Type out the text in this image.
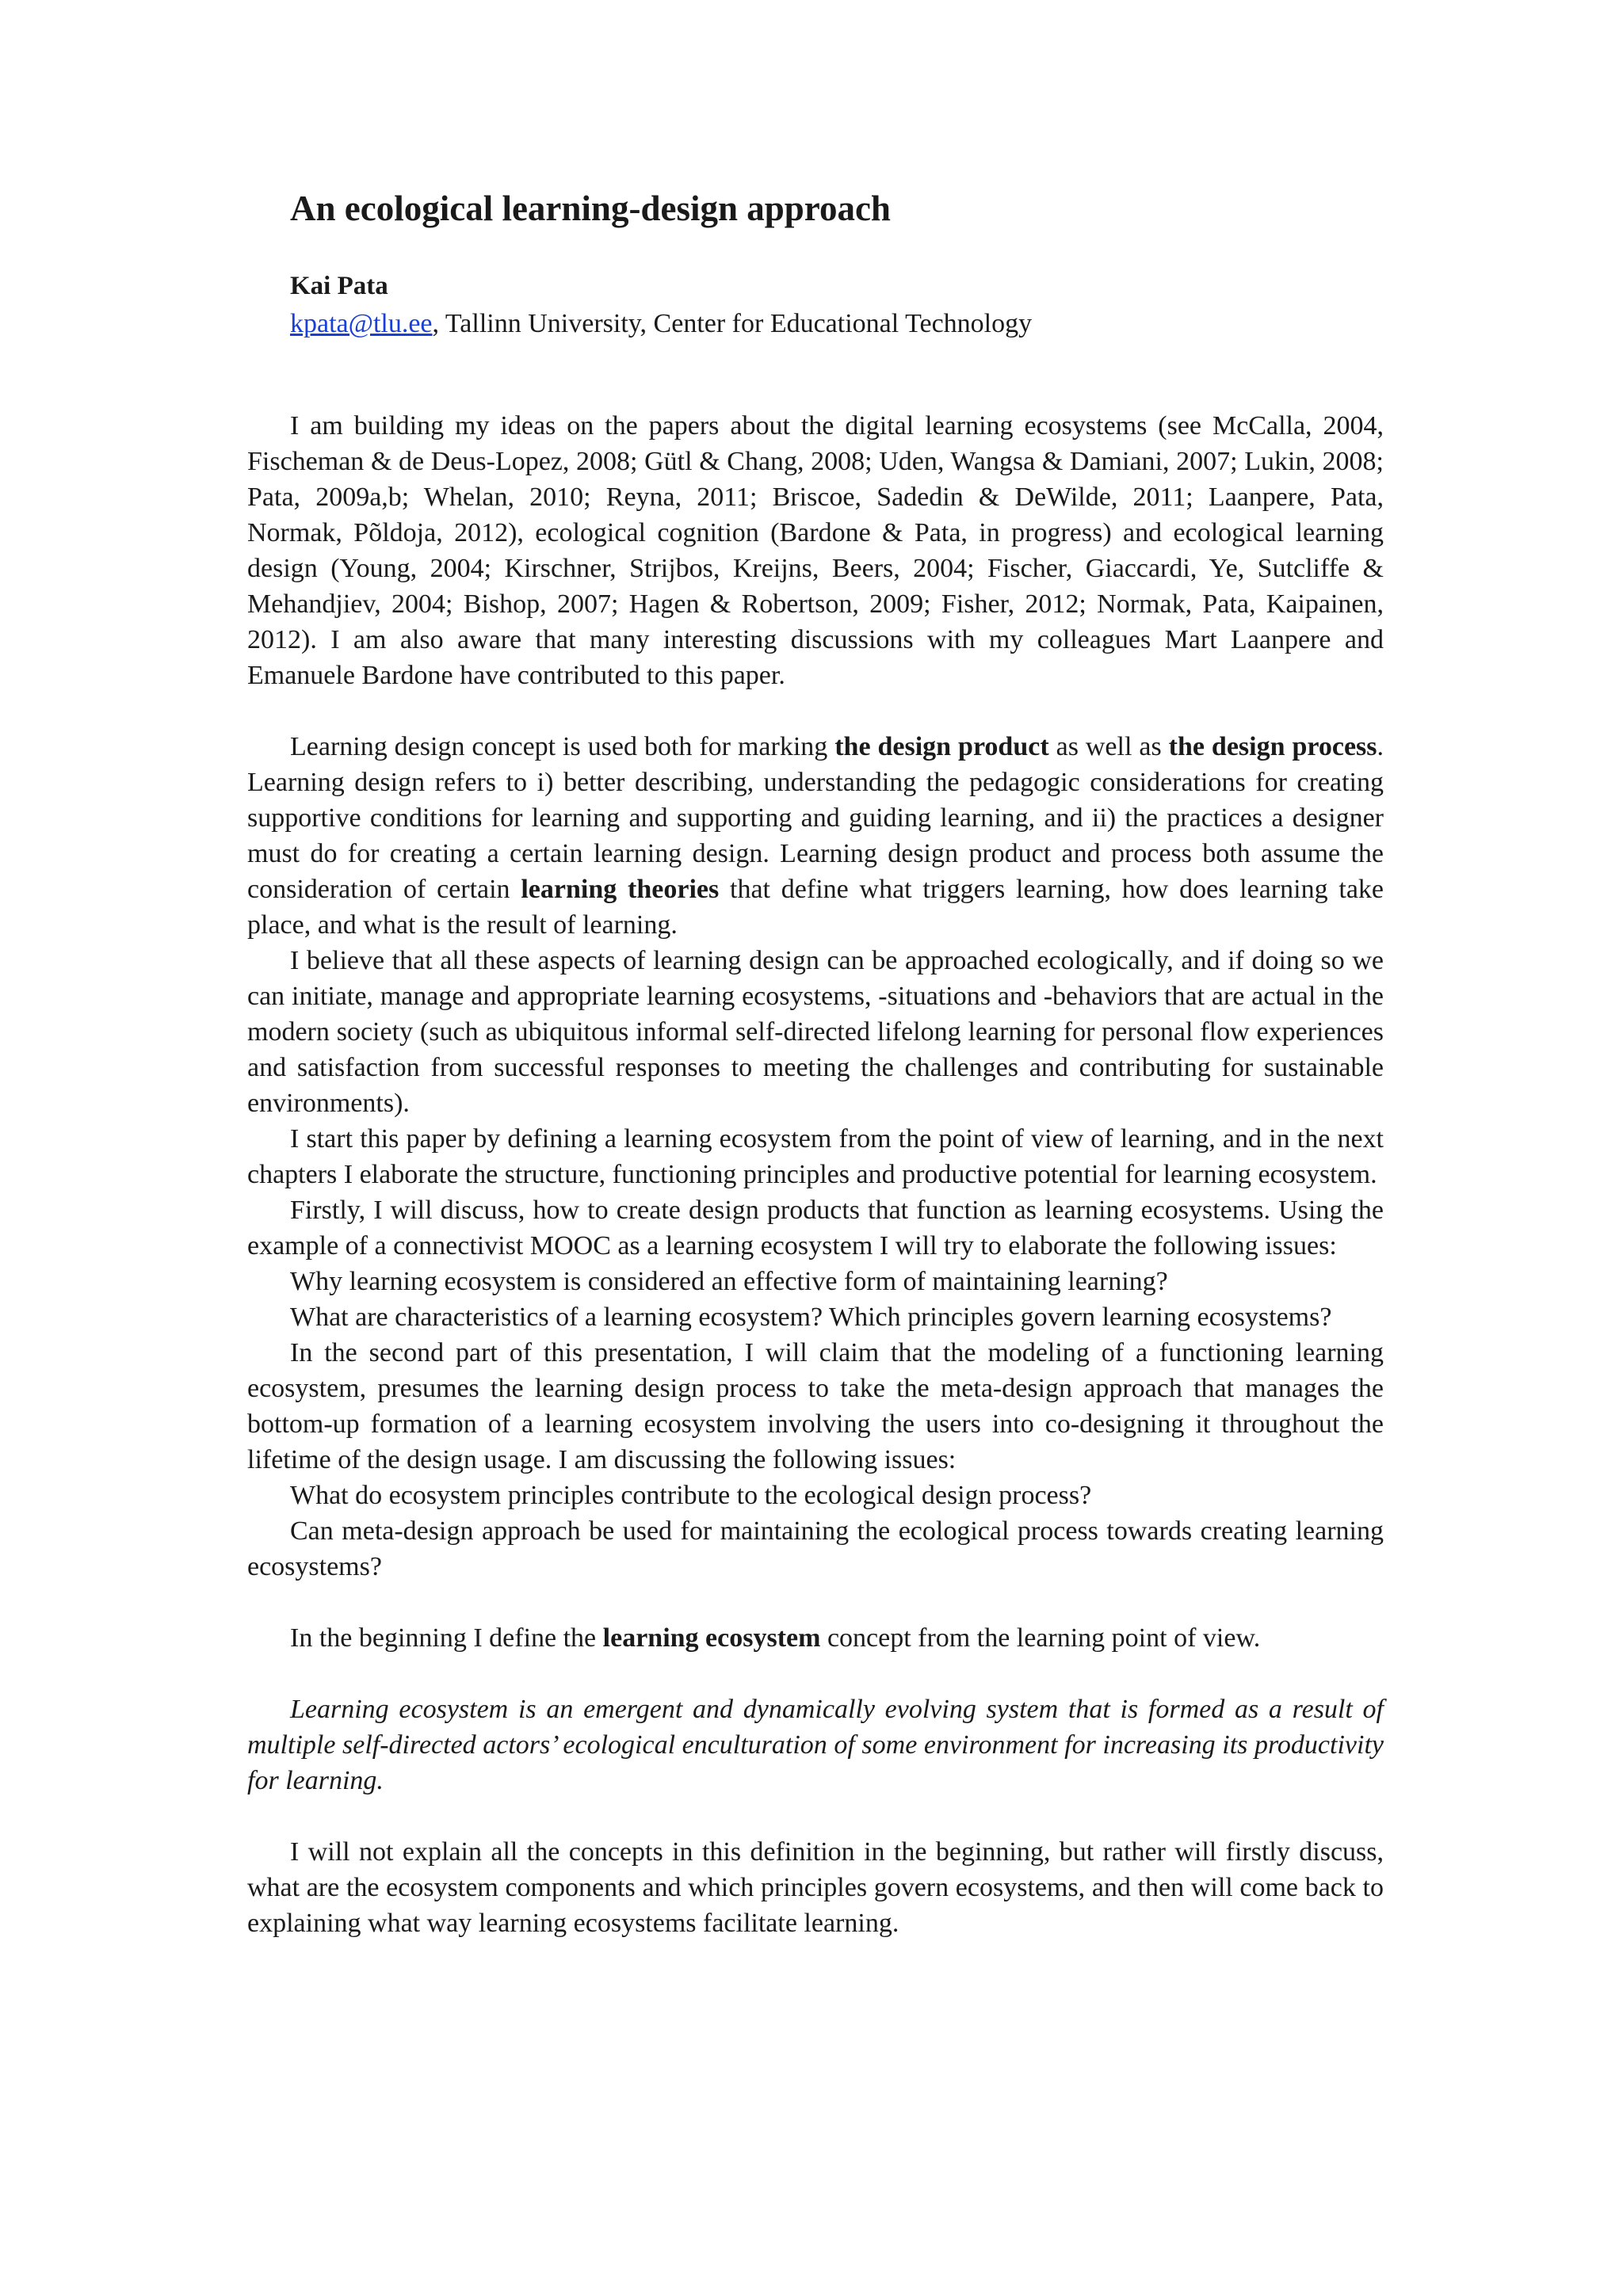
An ecological learning-design approach
Kai Pata
kpata@tlu.ee, Tallinn University, Center for Educational Technology

I am building my ideas on the papers about the digital learning ecosystems (see McCalla, 2004, Fischeman & de Deus-Lopez, 2008; Gütl & Chang, 2008; Uden, Wangsa & Damiani, 2007; Lukin, 2008; Pata, 2009a,b; Whelan, 2010; Reyna, 2011; Briscoe, Sadedin & DeWilde, 2011; Laanpere, Pata, Normak, Põldoja, 2012), ecological cognition (Bardone & Pata, in progress) and ecological learning design (Young, 2004; Kirschner, Strijbos, Kreijns, Beers, 2004; Fischer, Giaccardi, Ye, Sutcliffe & Mehandjiev, 2004; Bishop, 2007; Hagen & Robertson, 2009; Fisher, 2012; Normak, Pata, Kaipainen, 2012). I am also aware that many interesting discussions with my colleagues Mart Laanpere and Emanuele Bardone have contributed to this paper.

Learning design concept is used both for marking the design product as well as the design process. Learning design refers to i) better describing, understanding the pedagogic considerations for creating supportive conditions for learning and supporting and guiding learning, and ii) the practices a designer must do for creating a certain learning design. Learning design product and process both assume the consideration of certain learning theories that define what triggers learning, how does learning take place, and what is the result of learning.

I believe that all these aspects of learning design can be approached ecologically, and if doing so we can initiate, manage and appropriate learning ecosystems, -situations and -behaviors that are actual in the modern society (such as ubiquitous informal self-directed lifelong learning for personal flow experiences and satisfaction from successful responses to meeting the challenges and contributing for sustainable environments).

I start this paper by defining a learning ecosystem from the point of view of learning, and in the next chapters I elaborate the structure, functioning principles and productive potential for learning ecosystem.

Firstly, I will discuss, how to create design products that function as learning ecosystems. Using the example of a connectivist MOOC as a learning ecosystem I will try to elaborate the following issues:

Why learning ecosystem is considered an effective form of maintaining learning?

What are characteristics of a learning ecosystem? Which principles govern learning ecosystems?

In the second part of this presentation, I will claim that the modeling of a functioning learning ecosystem, presumes the learning design process to take the meta-design approach that manages the bottom-up formation of a learning ecosystem involving the users into co-designing it throughout the lifetime of the design usage. I am discussing the following issues:

What do ecosystem principles contribute to the ecological design process?

Can meta-design approach be used for maintaining the ecological process towards creating learning ecosystems?

In the beginning I define the learning ecosystem concept from the learning point of view.

Learning ecosystem is an emergent and dynamically evolving system that is formed as a result of multiple self-directed actors’ ecological enculturation of some environment for increasing its productivity for learning.

I will not explain all the concepts in this definition in the beginning, but rather will firstly discuss, what are the ecosystem components and which principles govern ecosystems, and then will come back to explaining what way learning ecosystems facilitate learning.
